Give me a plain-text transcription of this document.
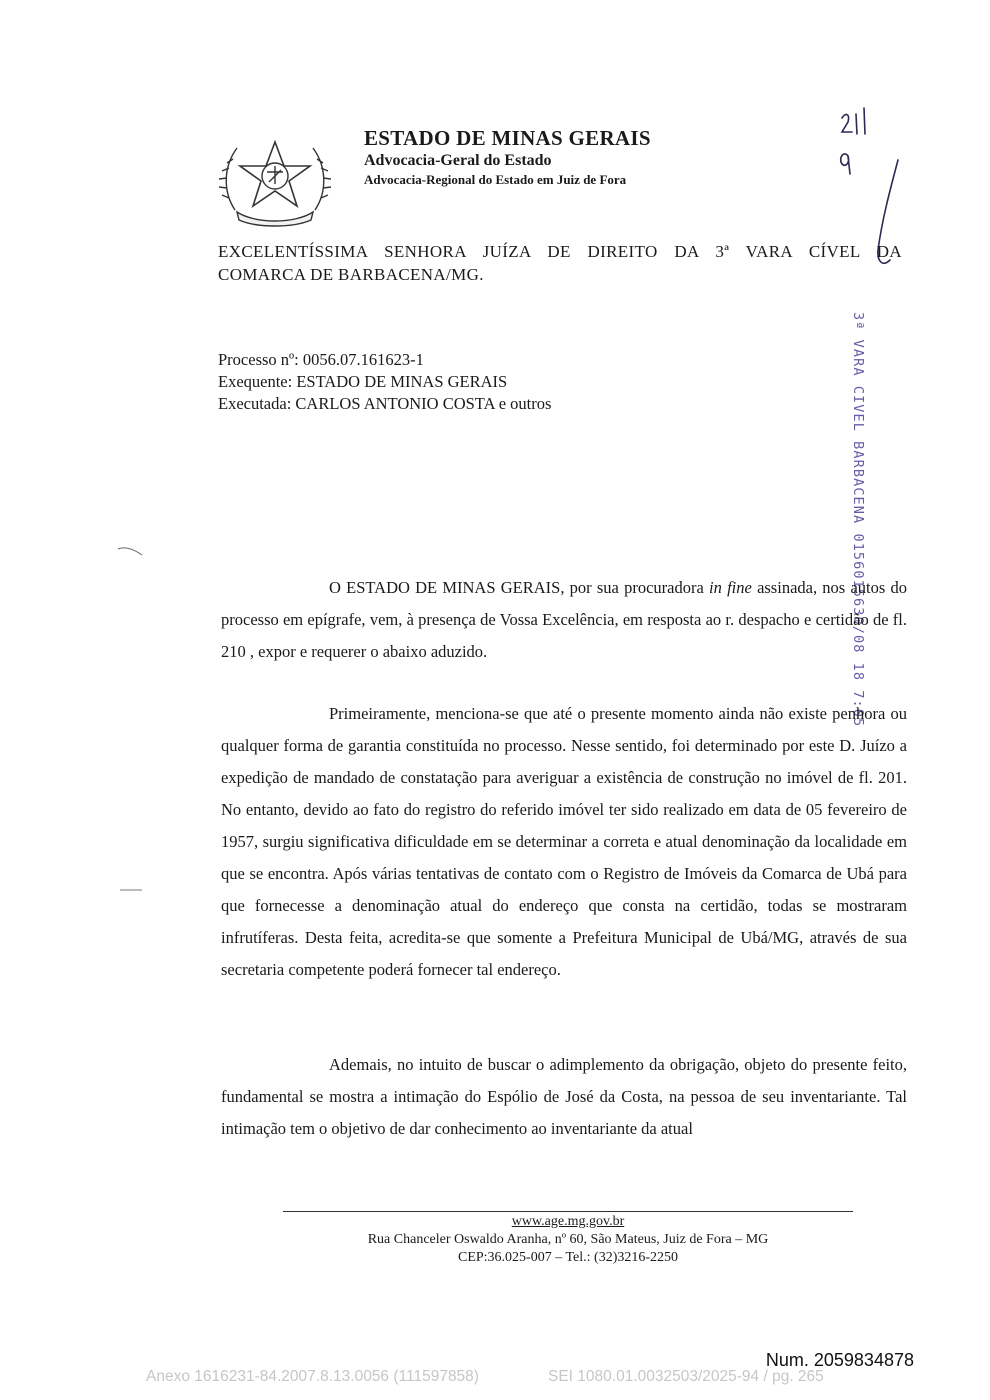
ESTADO DE MINAS GERAIS
Advocacia-Geral do Estado
Advocacia-Regional do Estado em Juiz de Fora
EXCELENTÍSSIMA SENHORA JUÍZA DE DIREITO DA 3ª VARA CÍVEL DA
COMARCA DE BARBACENA/MG.
Processo nº: 0056.07.161623-1
Exequente: ESTADO DE MINAS GERAIS
Executada: CARLOS ANTONIO COSTA e outros	3ª VARA CIVEL BARBACENA 0156015630/08 18 7:05
O ESTADO DE MINAS GERAIS, por sua procuradora in fine assinada, nos autos do processo em epígrafe, vem, à presença de Vossa Excelência, em resposta ao r. despacho e certidão de fl. 210 , expor e requerer o abaixo aduzido.
Primeiramente, menciona-se que até o presente momento ainda não existe penhora ou qualquer forma de garantia constituída no processo. Nesse sentido, foi determinado por este D. Juízo a expedição de mandado de constatação para averiguar a existência de construção no imóvel de fl. 201. No entanto, devido ao fato do registro do referido imóvel ter sido realizado em data de 05 fevereiro de 1957, surgiu significativa dificuldade em se determinar a correta e atual denominação da localidade em que se encontra. Após várias tentativas de contato com o Registro de Imóveis da Comarca de Ubá para que fornecesse a denominação atual do endereço que consta na certidão, todas se mostraram infrutíferas. Desta feita, acredita-se que somente a Prefeitura Municipal de Ubá/MG, através de sua secretaria competente poderá fornecer tal endereço.
Ademais, no intuito de buscar o adimplemento da obrigação, objeto do presente feito, fundamental se mostra a intimação do Espólio de José da Costa, na pessoa de seu inventariante. Tal intimação tem o objetivo de dar conhecimento ao inventariante da atual
www.age.mg.gov.br
Rua Chanceler Oswaldo Aranha, nº 60, São Mateus, Juiz de Fora – MG
CEP:36.025-007 – Tel.: (32)3216-2250
Num. 2059834878
Anexo 1616231-84.2007.8.13.0056 (111597858)	SEI 1080.01.0032503/2025-94 / pg. 265
